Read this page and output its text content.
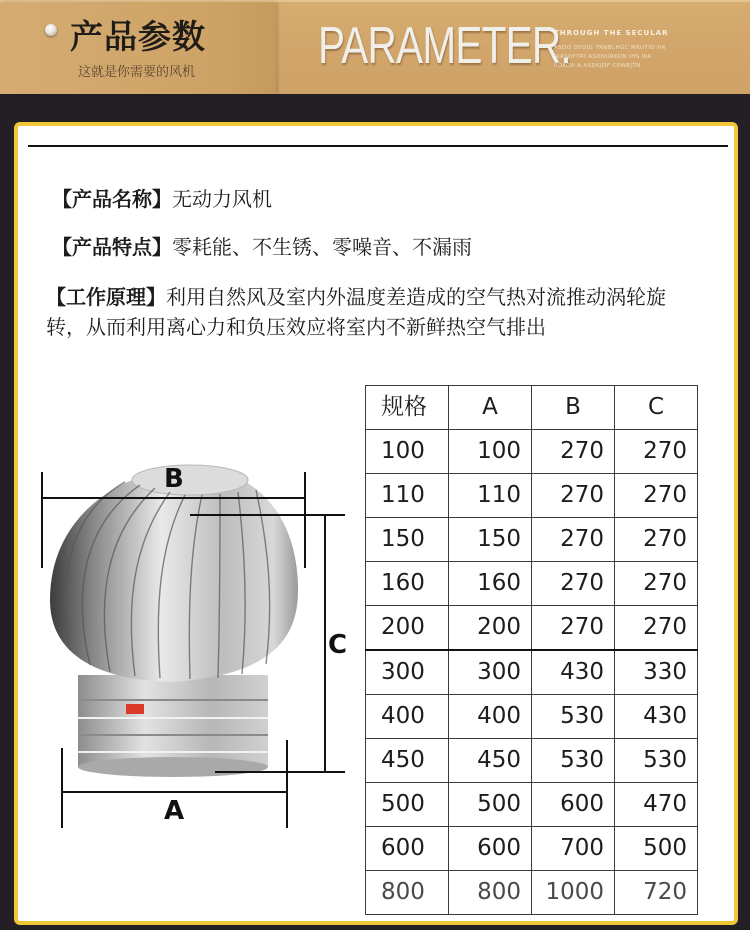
产品参数
这就是你需要的风机 PARAMETER.
THROUGH THE SECULAR
ASDO DFOJG TRNBLHGC MKUTIO HR
IKASDFTRI ASDNURKON IHS WA
POKOA A ASDKJDF CEWEJTN
【产品名称】无动力风机
【产品特点】零耗能、不生锈、零噪音、不漏雨
【工作原理】利用自然风及室内外温度差造成的空气热对流推动涡轮旋转，从而利用离心力和负压效应将室内不新鲜热空气排出
B
C
A
规格	A	B	C
100	100	270	270
110	110	270	270
150	150	270	270
160	160	270	270
200	200	270	270
300	300	430	330
400	400	530	430
450	450	530	530
500	500	600	470
600	600	700	500
800	800	1000	720
